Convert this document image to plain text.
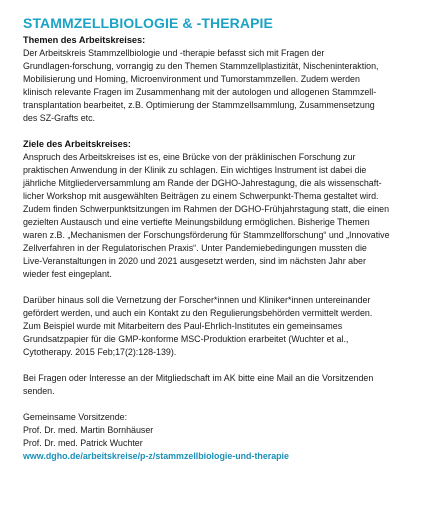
STAMMZELLBIOLOGIE & -THERAPIE

Themen des Arbeitskreises:

Der Arbeitskreis Stammzellbiologie und -therapie befasst sich mit Fragen der
Grundlagen-forschung, vorrangig zu den Themen Stammzellplastizität, Nischeninteraktion,
Mobilisierung und Homing, Microenvironment und Tumorstammzellen. Zudem werden
klinisch relevante Fragen im Zusammenhang mit der autologen und allogenen Stammzell-
transplantation bearbeitet, z.B. Optimierung der Stammzellsammlung, Zusammensetzung
des SZ-Grafts etc.

Ziele des Arbeitskreises:

Anspruch des Arbeitskreises ist es, eine Brücke von der präklinischen Forschung zur
praktischen Anwendung in der Klinik zu schlagen. Ein wichtiges Instrument ist dabei die
jährliche Mitgliederversammlung am Rande der DGHO-Jahrestagung, die als wissenschaft-
licher Workshop mit ausgewählten Beiträgen zu einem Schwerpunkt-Thema gestaltet wird.
Zudem finden Schwerpunktsitzungen im Rahmen der DGHO-Frühjahrstagung statt, die einen
gezielten Austausch und eine vertiefte Meinungsbildung ermöglichen. Bisherige Themen
waren z.B. „Mechanismen der Forschungsförderung für Stammzellforschung“ und „Innovative
Zellverfahren in der Regulatorischen Praxis“. Unter Pandemiebedingungen mussten die
Live-Veranstaltungen in 2020 und 2021 ausgesetzt werden, sind im nächsten Jahr aber
wieder fest eingeplant.

Darüber hinaus soll die Vernetzung der Forscher*innen und Kliniker*innen untereinander
gefördert werden, und auch ein Kontakt zu den Regulierungsbehörden vermittelt werden.
Zum Beispiel wurde mit Mitarbeitern des Paul-Ehrlich-Institutes ein gemeinsames
Grundsatzpapier für die GMP-konforme MSC-Produktion erarbeitet (Wuchter et al.,
Cytotherapy. 2015 Feb;17(2):128-139).

Bei Fragen oder Interesse an der Mitgliedschaft im AK bitte eine Mail an die Vorsitzenden
senden.

Gemeinsame Vorsitzende:

Prof. Dr. med. Martin Bornhäuser

Prof. Dr. med. Patrick Wuchter

www.dgho.de/arbeitskreise/p-z/stammzellbiologie-und-therapie
